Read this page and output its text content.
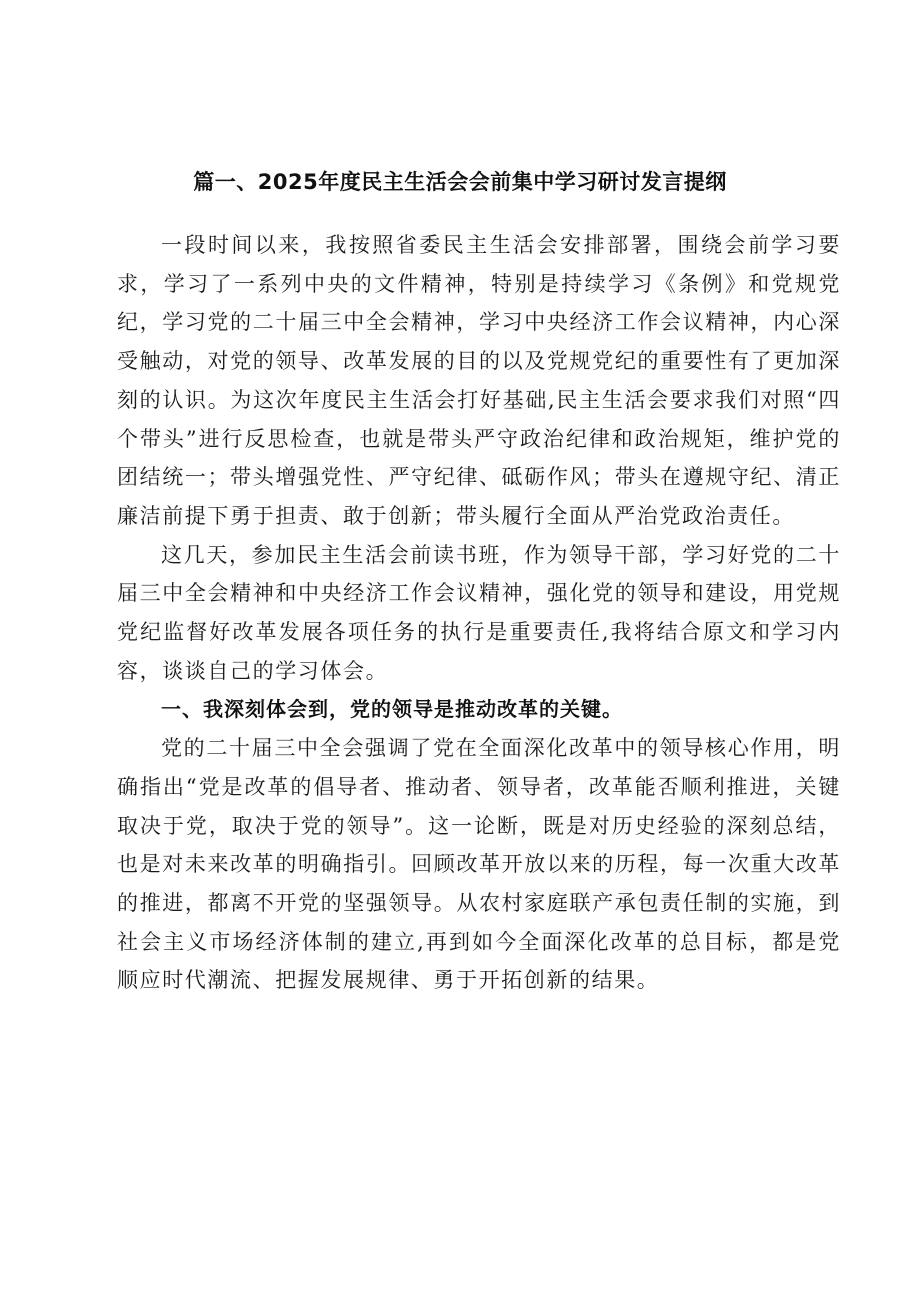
篇一、2025年度民主生活会会前集中学习研讨发言提纲

一段时间以来，我按照省委民主生活会安排部署，围绕会前学习要求，学习了一系列中央的文件精神，特别是持续学习《条例》和党规党纪，学习党的二十届三中全会精神，学习中央经济工作会议精神，内心深受触动，对党的领导、改革发展的目的以及党规党纪的重要性有了更加深刻的认识。为这次年度民主生活会打好基础,民主生活会要求我们对照“四个带头”进行反思检查，也就是带头严守政治纪律和政治规矩，维护党的团结统一；带头增强党性、严守纪律、砥砺作风；带头在遵规守纪、清正廉洁前提下勇于担责、敢于创新；带头履行全面从严治党政治责任。

这几天，参加民主生活会前读书班，作为领导干部，学习好党的二十届三中全会精神和中央经济工作会议精神，强化党的领导和建设，用党规党纪监督好改革发展各项任务的执行是重要责任,我将结合原文和学习内容，谈谈自己的学习体会。

一、我深刻体会到，党的领导是推动改革的关键。

党的二十届三中全会强调了党在全面深化改革中的领导核心作用，明确指出“党是改革的倡导者、推动者、领导者，改革能否顺利推进，关键取决于党，取决于党的领导”。这一论断，既是对历史经验的深刻总结，也是对未来改革的明确指引。回顾改革开放以来的历程，每一次重大改革的推进，都离不开党的坚强领导。从农村家庭联产承包责任制的实施，到社会主义市场经济体制的建立,再到如今全面深化改革的总目标，都是党顺应时代潮流、把握发展规律、勇于开拓创新的结果。
